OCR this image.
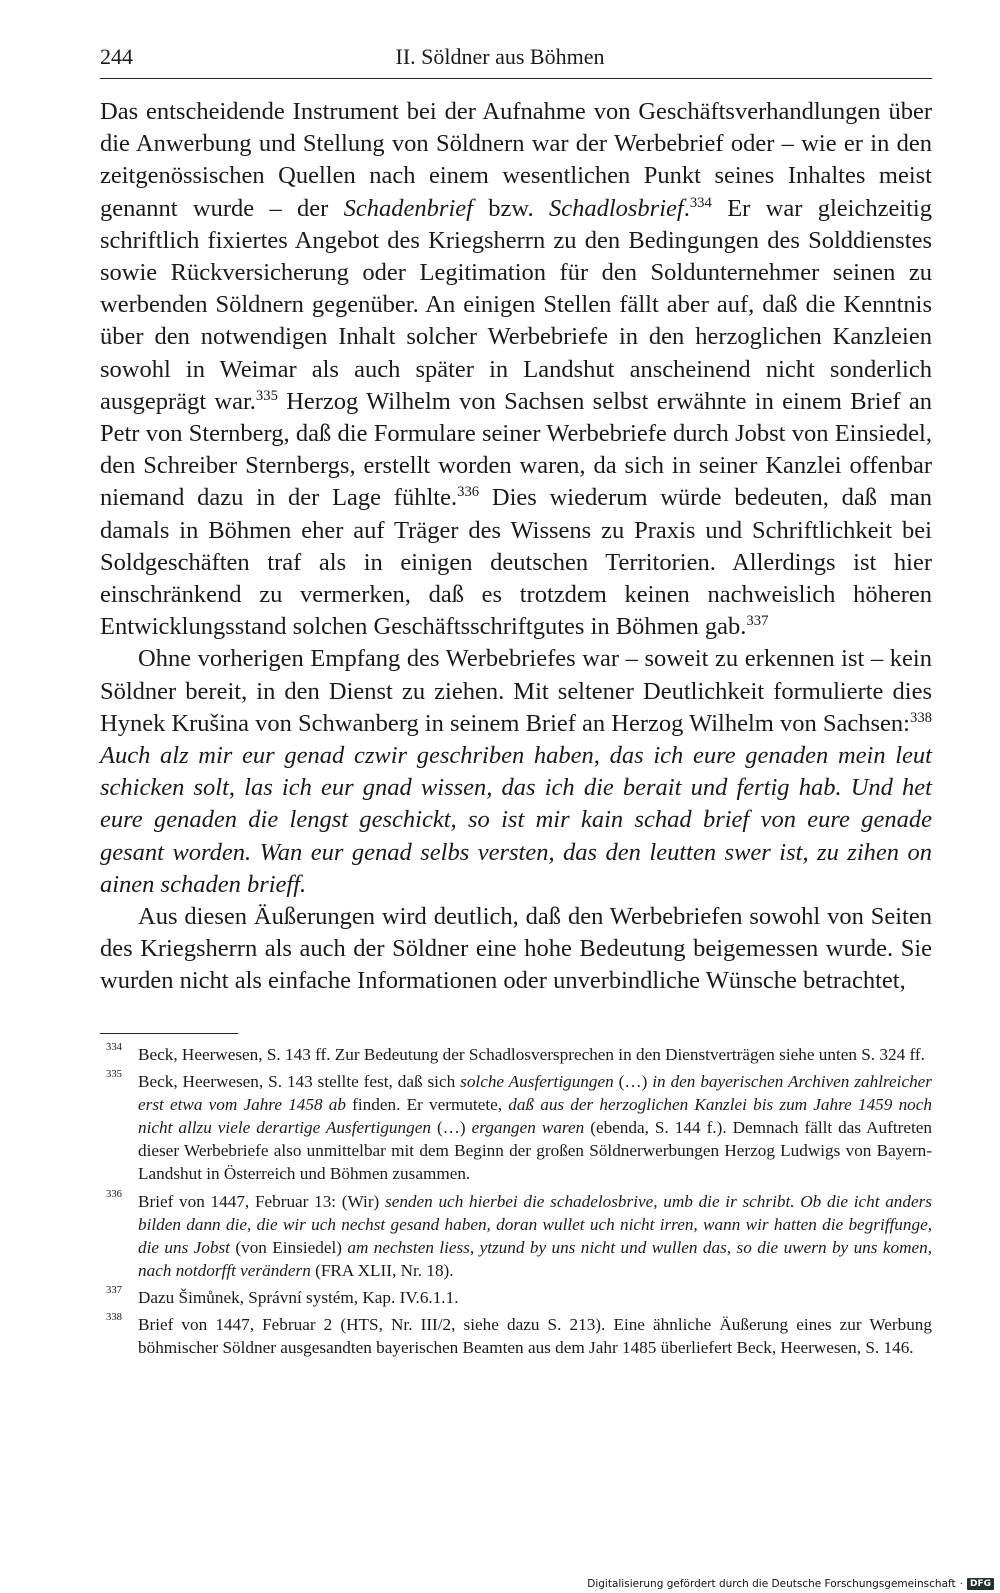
244	II. Söldner aus Böhmen

Das entscheidende Instrument bei der Aufnahme von Geschäftsverhandlungen über die Anwerbung und Stellung von Söldnern war der Werbebrief oder – wie er in den zeitgenössischen Quellen nach einem wesentlichen Punkt seines Inhaltes meist genannt wurde – der Schadenbrief bzw. Schadlosbrief.$^{334}$ Er war gleichzeitig schriftlich fixiertes Angebot des Kriegsherrn zu den Bedingungen des Solddienstes sowie Rückversicherung oder Legitimation für den Soldunternehmer seinen zu werbenden Söldnern gegenüber. An einigen Stellen fällt aber auf, daß die Kenntnis über den notwendigen Inhalt solcher Werbebriefe in den herzoglichen Kanzleien sowohl in Weimar als auch später in Landshut anscheinend nicht sonderlich ausgeprägt war.$^{335}$ Herzog Wilhelm von Sachsen selbst erwähnte in einem Brief an Petr von Sternberg, daß die Formulare seiner Werbebriefe durch Jobst von Einsiedel, den Schreiber Sternbergs, erstellt worden waren, da sich in seiner Kanzlei offenbar niemand dazu in der Lage fühlte.$^{336}$ Dies wiederum würde bedeuten, daß man damals in Böhmen eher auf Träger des Wissens zu Praxis und Schriftlichkeit bei Soldgeschäften traf als in einigen deutschen Territorien. Allerdings ist hier einschränkend zu vermerken, daß es trotzdem keinen nachweislich höheren Entwicklungsstand solchen Geschäftsschriftgutes in Böhmen gab.$^{337}$

Ohne vorherigen Empfang des Werbebriefes war – soweit zu erkennen ist – kein Söldner bereit, in den Dienst zu ziehen. Mit seltener Deutlichkeit formulierte dies Hynek Krušina von Schwanberg in seinem Brief an Herzog Wilhelm von Sachsen:$^{338}$ Auch alz mir eur genad czwir geschriben haben, das ich eure genaden mein leut schicken solt, las ich eur gnad wissen, das ich die berait und fertig hab. Und het eure genaden die lengst geschickt, so ist mir kain schad brief von eure genade gesant worden. Wan eur genad selbs versten, das den leutten swer ist, zu zihen on ainen schaden brieff.

Aus diesen Äußerungen wird deutlich, daß den Werbebriefen sowohl von Seiten des Kriegsherrn als auch der Söldner eine hohe Bedeutung beigemessen wurde. Sie wurden nicht als einfache Informationen oder unverbindliche Wünsche betrachtet,

334 Beck, Heerwesen, S. 143 ff. Zur Bedeutung der Schadlosversprechen in den Dienstverträgen siehe unten S. 324 ff.
335 Beck, Heerwesen, S. 143 stellte fest, daß sich solche Ausfertigungen (…) in den bayerischen Archiven zahlreicher erst etwa vom Jahre 1458 ab finden. Er vermutete, daß aus der herzoglichen Kanzlei bis zum Jahre 1459 noch nicht allzu viele derartige Ausfertigungen (…) ergangen waren (ebenda, S. 144 f.). Demnach fällt das Auftreten dieser Werbebriefe also unmittelbar mit dem Beginn der großen Söldnerwerbungen Herzog Ludwigs von Bayern-Landshut in Österreich und Böhmen zusammen.
336 Brief von 1447, Februar 13: (Wir) senden uch hierbei die schadelosbrive, umb die ir schribt. Ob die icht anders bilden dann die, die wir uch nechst gesand haben, doran wullet uch nicht irren, wann wir hatten die begriffunge, die uns Jobst (von Einsiedel) am nechsten liess, ytzund by uns nicht und wullen das, so die uwern by uns komen, nach notdorfft verändern (FRA XLII, Nr. 18).
337 Dazu Šimůnek, Správní systém, Kap. IV.6.1.1.
338 Brief von 1447, Februar 2 (HTS, Nr. III/2, siehe dazu S. 213). Eine ähnliche Äußerung eines zur Werbung böhmischer Söldner ausgesandten bayerischen Beamten aus dem Jahr 1485 überliefert Beck, Heerwesen, S. 146.
Digitalisierung gefördert durch die Deutsche Forschungsgemeinschaft · DFG
